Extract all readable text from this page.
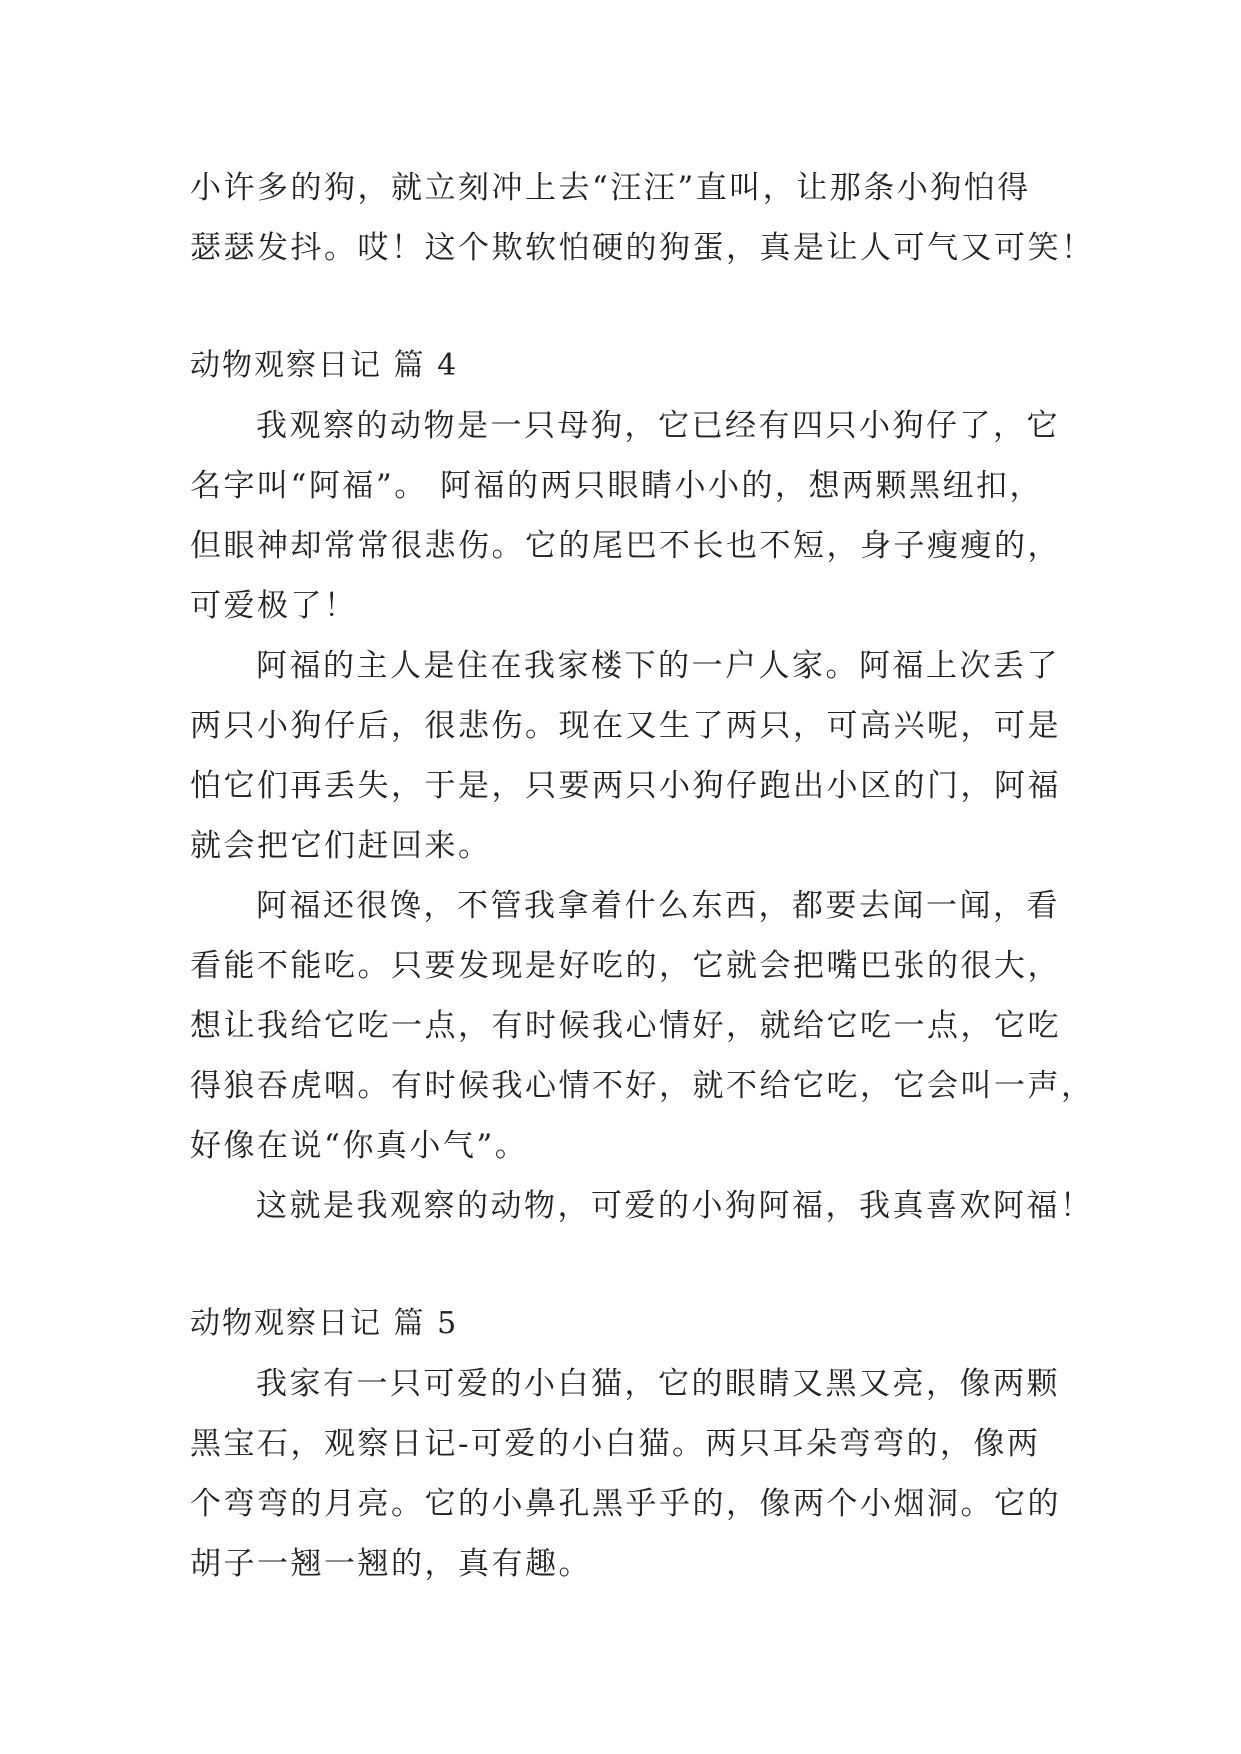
小许多的狗，就立刻冲上去“汪汪”直叫，让那条小狗怕得
瑟瑟发抖。哎！这个欺软怕硬的狗蛋，真是让人可气又可笑！
动物观察日记 篇 4
我观察的动物是一只母狗，它已经有四只小狗仔了，它
名字叫“阿福”。 阿福的两只眼睛小小的，想两颗黑纽扣，
但眼神却常常很悲伤。它的尾巴不长也不短，身子瘦瘦的，
可爱极了！
阿福的主人是住在我家楼下的一户人家。阿福上次丢了
两只小狗仔后，很悲伤。现在又生了两只，可高兴呢，可是
怕它们再丢失，于是，只要两只小狗仔跑出小区的门，阿福
就会把它们赶回来。
阿福还很馋，不管我拿着什么东西，都要去闻一闻，看
看能不能吃。只要发现是好吃的，它就会把嘴巴张的很大，
想让我给它吃一点，有时候我心情好，就给它吃一点，它吃
得狼吞虎咽。有时候我心情不好，就不给它吃，它会叫一声，
好像在说“你真小气”。
这就是我观察的动物，可爱的小狗阿福，我真喜欢阿福！
动物观察日记 篇 5
我家有一只可爱的小白猫，它的眼睛又黑又亮，像两颗
黑宝石，观察日记-可爱的小白猫。两只耳朵弯弯的，像两
个弯弯的月亮。它的小鼻孔黑乎乎的，像两个小烟洞。它的
胡子一翘一翘的，真有趣。
